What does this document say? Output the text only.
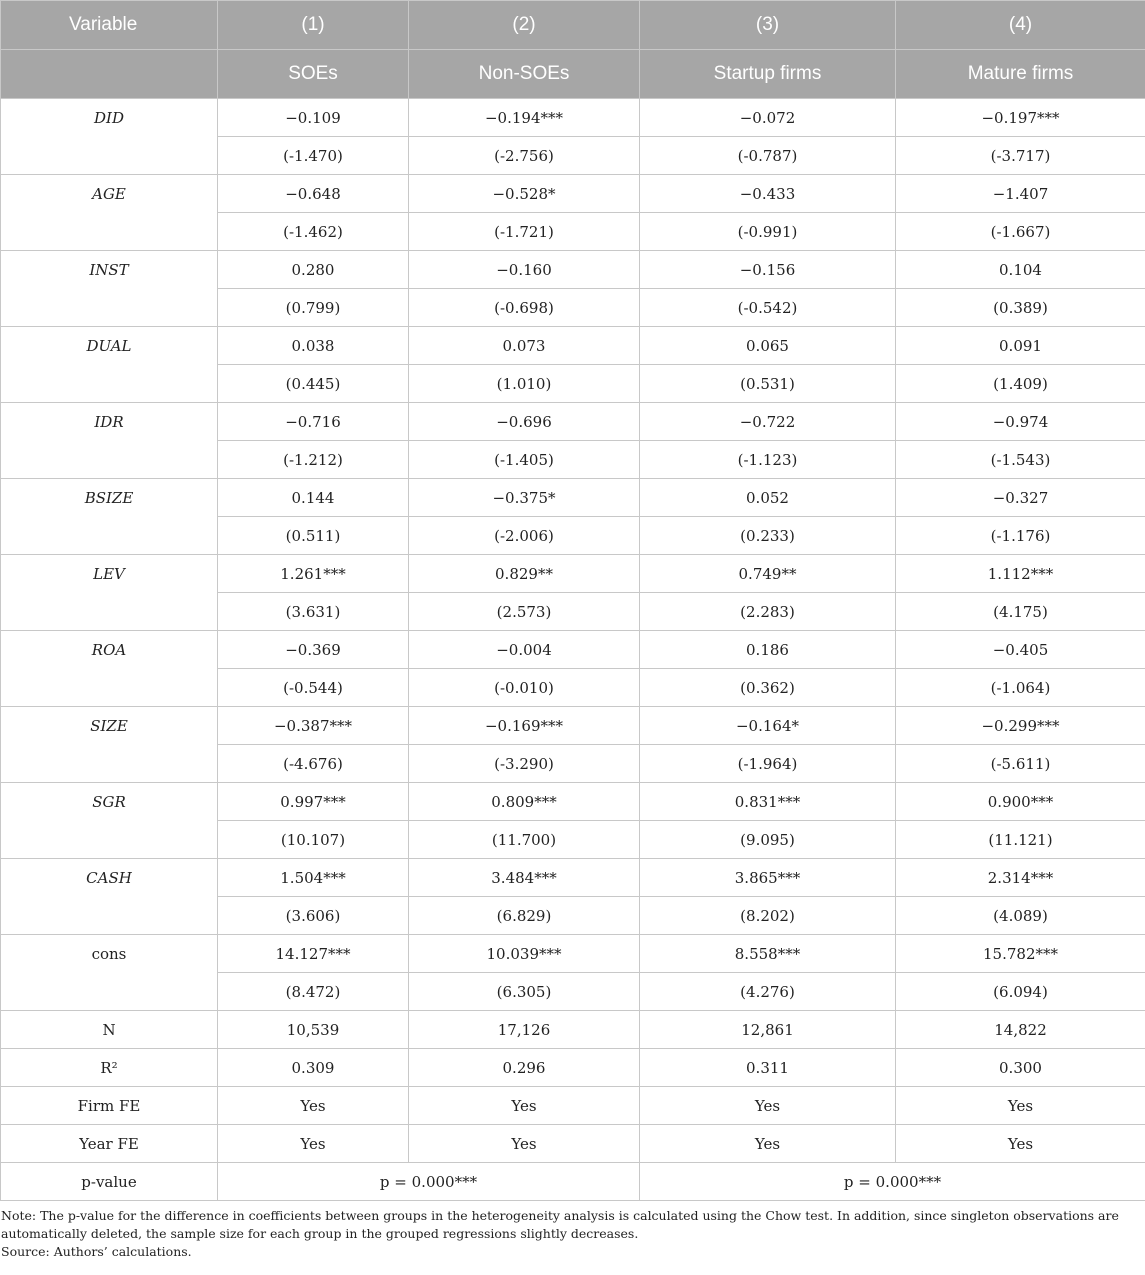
Variable	(1)	(2)	(3)	(4)
	SOEs	Non-SOEs	Startup firms	Mature firms
DID	−0.109	−0.194***	−0.072	−0.197***
	(-1.470)	(-2.756)	(-0.787)	(-3.717)
AGE	−0.648	−0.528*	−0.433	−1.407
	(-1.462)	(-1.721)	(-0.991)	(-1.667)
INST	0.280	−0.160	−0.156	0.104
	(0.799)	(-0.698)	(-0.542)	(0.389)
DUAL	0.038	0.073	0.065	0.091
	(0.445)	(1.010)	(0.531)	(1.409)
IDR	−0.716	−0.696	−0.722	−0.974
	(-1.212)	(-1.405)	(-1.123)	(-1.543)
BSIZE	0.144	−0.375*	0.052	−0.327
	(0.511)	(-2.006)	(0.233)	(-1.176)
LEV	1.261***	0.829**	0.749**	1.112***
	(3.631)	(2.573)	(2.283)	(4.175)
ROA	−0.369	−0.004	0.186	−0.405
	(-0.544)	(-0.010)	(0.362)	(-1.064)
SIZE	−0.387***	−0.169***	−0.164*	−0.299***
	(-4.676)	(-3.290)	(-1.964)	(-5.611)
SGR	0.997***	0.809***	0.831***	0.900***
	(10.107)	(11.700)	(9.095)	(11.121)
CASH	1.504***	3.484***	3.865***	2.314***
	(3.606)	(6.829)	(8.202)	(4.089)
cons	14.127***	10.039***	8.558***	15.782***
	(8.472)	(6.305)	(4.276)	(6.094)
N	10,539	17,126	12,861	14,822
R²	0.309	0.296	0.311	0.300
Firm FE	Yes	Yes	Yes	Yes
Year FE	Yes	Yes	Yes	Yes
p-value	p = 0.000***		p = 0.000***	
Note: The p-value for the difference in coefficients between groups in the heterogeneity analysis is calculated using the Chow test. In addition, since singleton observations are automatically deleted, the sample size for each group in the grouped regressions slightly decreases.
Source: Authors’ calculations.
